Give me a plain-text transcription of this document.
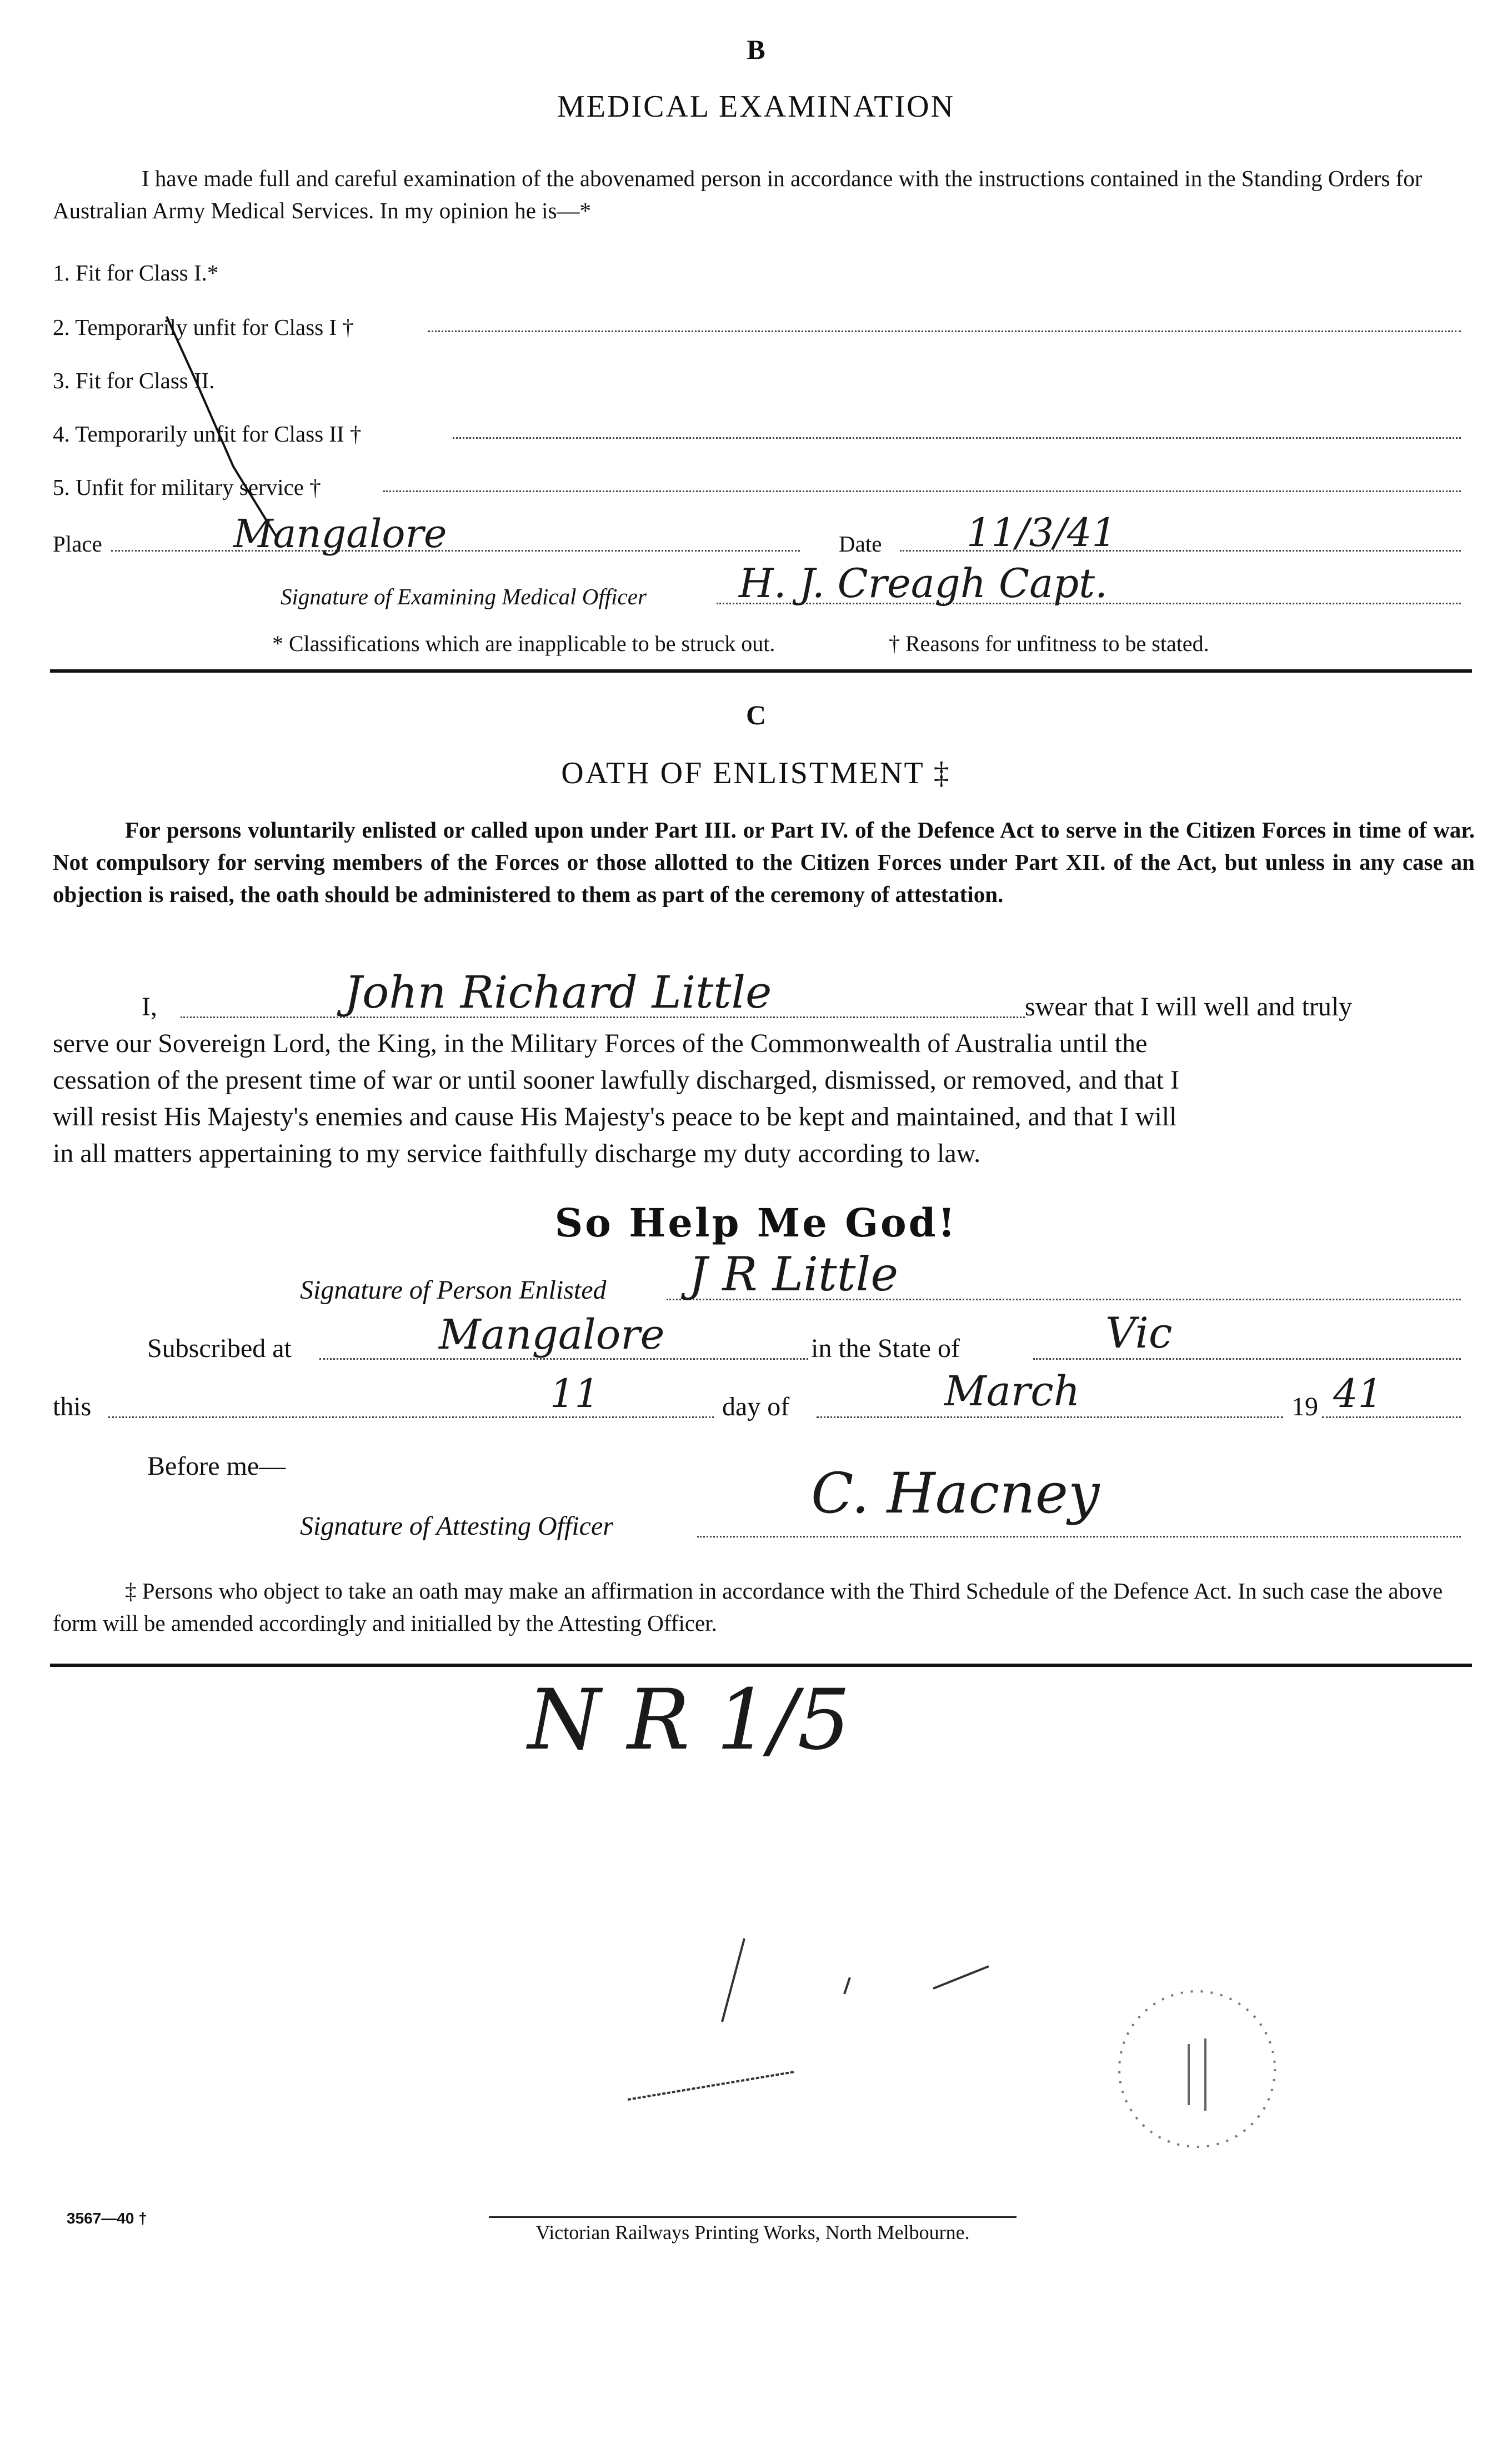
B
MEDICAL EXAMINATION
I have made full and careful examination of the abovenamed person in accordance with the instructions contained in the Standing Orders for Australian Army Medical Services. In my opinion he is—*
1. Fit for Class I.*
2. Temporarily unfit for Class I †
3. Fit for Class II.
4. Temporarily unfit for Class II †
5. Unfit for military service †
Place	Mangalore	Date 11/3/41
Signature of Examining Medical Officer H. J. Creagh Capt.
* Classifications which are inapplicable to be struck out.	† Reasons for unfitness to be stated.
C
OATH OF ENLISTMENT ‡
For persons voluntarily enlisted or called upon under Part III. or Part IV. of the Defence Act to serve in the Citizen Forces in time of war. Not compulsory for serving members of the Forces or those allotted to the Citizen Forces under Part XII. of the Act, but unless in any case an objection is raised, the oath should be administered to them as part of the ceremony of attestation.
I,	John Richard Little	swear that I will well and truly
serve our Sovereign Lord, the King, in the Military Forces of the Commonwealth of Australia until the
cessation of the present time of war or until sooner lawfully discharged, dismissed, or removed, and that I
will resist His Majesty's enemies and cause His Majesty's peace to be kept and maintained, and that I will
in all matters appertaining to my service faithfully discharge my duty according to law.
So Help Me God!
Signature of Person Enlisted J R Little
Subscribed at	Mangalore	in the State of	Vic
this	11	day of	March	19 41
Before me—
Signature of Attesting Officer
C. Hacney
‡ Persons who object to take an oath may make an affirmation in accordance with the Third Schedule of the Defence Act. In such case the above form will be amended accordingly and initialled by the Attesting Officer.
N R 1/5
3567—40 †
Victorian Railways Printing Works, North Melbourne.
